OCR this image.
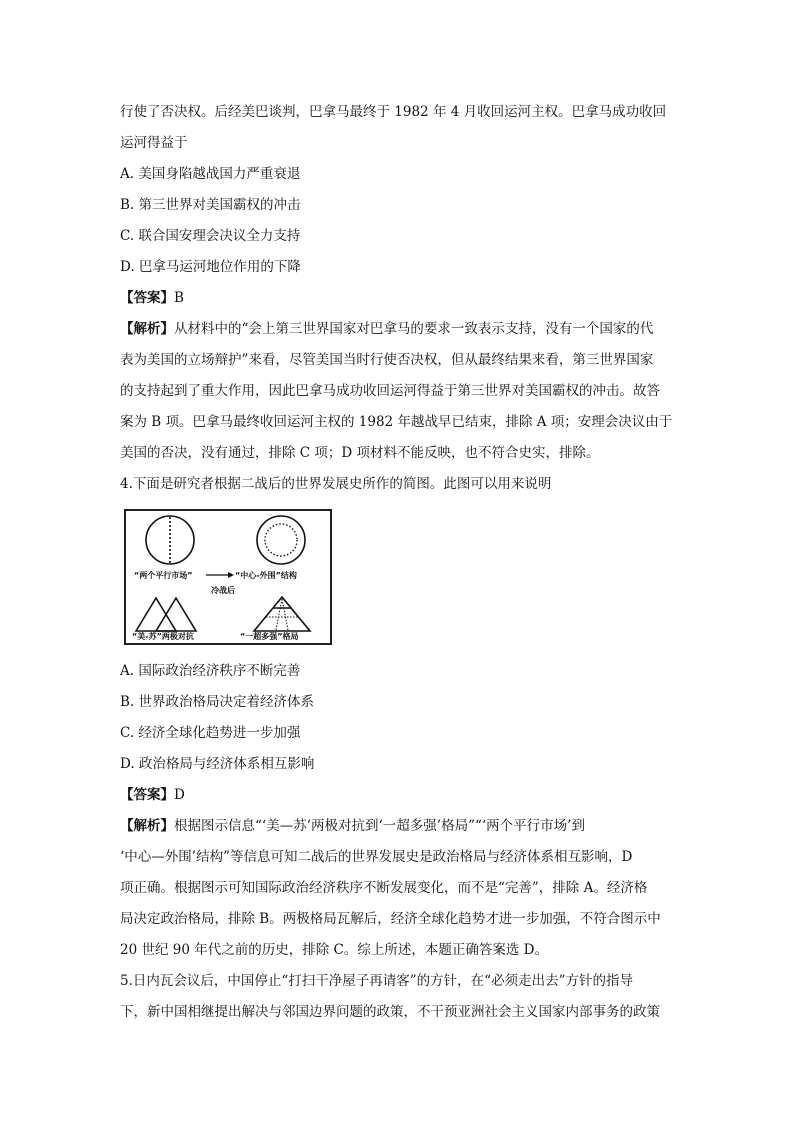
行使了否决权。后经美巴谈判，巴拿马最终于 1982 年 4 月收回运河主权。巴拿马成功收回

运河得益于

A. 美国身陷越战国力严重衰退

B. 第三世界对美国霸权的冲击

C. 联合国安理会决议全力支持

D. 巴拿马运河地位作用的下降

【答案】B

【解析】从材料中的“会上第三世界国家对巴拿马的要求一致表示支持，没有一个国家的代

表为美国的立场辩护”来看，尽管美国当时行使否决权，但从最终结果来看，第三世界国家

的支持起到了重大作用，因此巴拿马成功收回运河得益于第三世界对美国霸权的冲击。故答

案为 B 项。巴拿马最终收回运河主权的 1982 年越战早已结束，排除 A 项；安理会决议由于

美国的否决，没有通过，排除 C 项；D 项材料不能反映，也不符合史实，排除。

4.下面是研究者根据二战后的世界发展史所作的简图。此图可以用来说明

“两个平行市场”	“中心-外围”结构
冷战后
“美-苏”两极对抗	“一超多强”格局

A. 国际政治经济秩序不断完善

B. 世界政治格局决定着经济体系

C. 经济全球化趋势进一步加强

D. 政治格局与经济体系相互影响

【答案】D

【解析】根据图示信息“‘美—苏’两极对抗到‘一超多强’格局”“‘两个平行市场’到

‘中心—外围’结构”等信息可知二战后的世界发展史是政治格局与经济体系相互影响，D

项正确。根据图示可知国际政治经济秩序不断发展变化，而不是“完善”，排除 A。经济格

局决定政治格局，排除 B。两极格局瓦解后，经济全球化趋势才进一步加强，不符合图示中

20 世纪 90 年代之前的历史，排除 C。综上所述，本题正确答案选 D。

5.日内瓦会议后，中国停止“打扫干净屋子再请客”的方针，在“必须走出去”方针的指导

下，新中国相继提出解决与邻国边界问题的政策，不干预亚洲社会主义国家内部事务的政策
